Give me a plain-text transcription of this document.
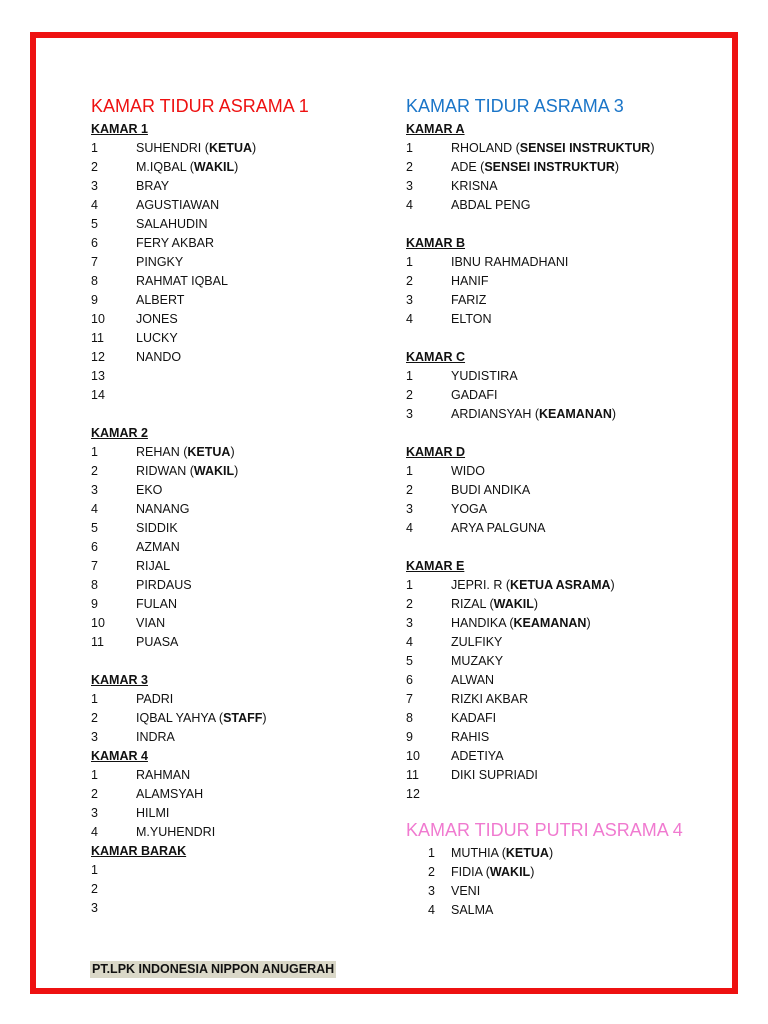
KAMAR TIDUR ASRAMA 1
KAMAR 1
1	SUHENDRI (KETUA)
2	M.IQBAL (WAKIL)
3	BRAY
4	AGUSTIAWAN
5	SALAHUDIN
6	FERY AKBAR
7	PINGKY
8	RAHMAT IQBAL
9	ALBERT
10	JONES
11	LUCKY
12	NANDO
13
14
KAMAR 2
1	REHAN (KETUA)
2	RIDWAN (WAKIL)
3	EKO
4	NANANG
5	SIDDIK
6	AZMAN
7	RIJAL
8	PIRDAUS
9	FULAN
10	VIAN
11	PUASA
KAMAR 3
1	PADRI
2	IQBAL YAHYA (STAFF)
3	INDRA
KAMAR 4
1	RAHMAN
2	ALAMSYAH
3	HILMI
4	M.YUHENDRI
KAMAR BARAK
1
2
3
KAMAR TIDUR ASRAMA 3
KAMAR A
1	RHOLAND (SENSEI INSTRUKTUR)
2	ADE (SENSEI INSTRUKTUR)
3	KRISNA
4	ABDAL PENG
KAMAR B
1	IBNU RAHMADHANI
2	HANIF
3	FARIZ
4	ELTON
KAMAR C
1	YUDISTIRA
2	GADAFI
3	ARDIANSYAH (KEAMANAN)
KAMAR D
1	WIDO
2	BUDI ANDIKA
3	YOGA
4	ARYA PALGUNA
KAMAR E
1	JEPRI. R (KETUA ASRAMA)
2	RIZAL (WAKIL)
3	HANDIKA (KEAMANAN)
4	ZULFIKY
5	MUZAKY
6	ALWAN
7	RIZKI AKBAR
8	KADAFI
9	RAHIS
10	ADETIYA
11	DIKI SUPRIADI
12
KAMAR TIDUR PUTRI ASRAMA 4
1	MUTHIA (KETUA)
2	FIDIA (WAKIL)
3	VENI
4	SALMA
PT.LPK INDONESIA NIPPON ANUGERAH
